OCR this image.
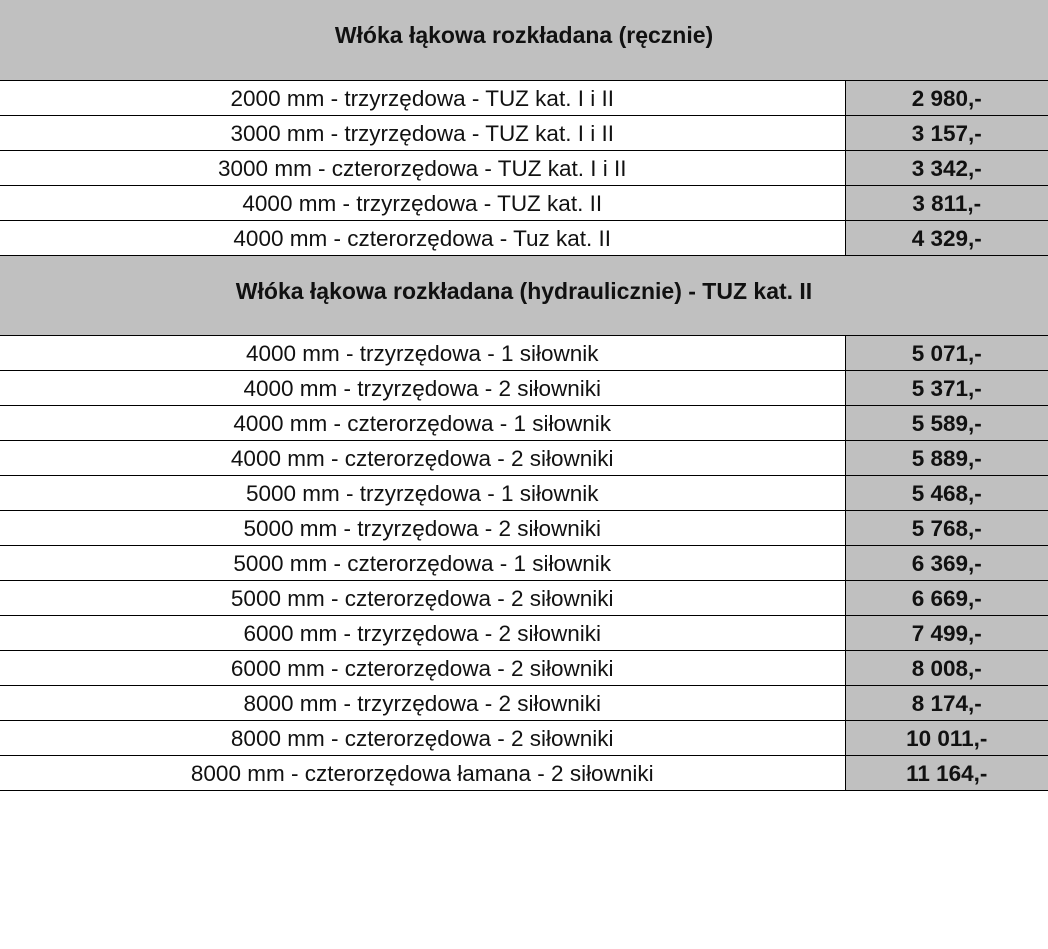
Włóka łąkowa rozkładana (ręcznie)	
2000 mm - trzyrzędowa - TUZ kat. I i II	2 980,-
3000 mm - trzyrzędowa - TUZ kat. I i II	3 157,-
3000 mm - czterorzędowa - TUZ kat. I i II	3 342,-
4000 mm - trzyrzędowa - TUZ kat. II	3 811,-
4000 mm - czterorzędowa - Tuz kat. II	4 329,-
Włóka łąkowa rozkładana (hydraulicznie) - TUZ kat. II	
4000 mm - trzyrzędowa - 1 siłownik	5 071,-
4000 mm - trzyrzędowa - 2 siłowniki	5 371,-
4000 mm - czterorzędowa - 1 siłownik	5 589,-
4000 mm - czterorzędowa - 2 siłowniki	5 889,-
5000 mm - trzyrzędowa - 1 siłownik	5 468,-
5000 mm - trzyrzędowa - 2 siłowniki	5 768,-
5000 mm - czterorzędowa - 1 siłownik	6 369,-
5000 mm - czterorzędowa - 2 siłowniki	6 669,-
6000 mm - trzyrzędowa - 2 siłowniki	7 499,-
6000 mm - czterorzędowa - 2 siłowniki	8 008,-
8000 mm - trzyrzędowa - 2 siłowniki	8 174,-
8000 mm - czterorzędowa - 2 siłowniki	10 011,-
8000 mm - czterorzędowa łamana - 2 siłowniki	11 164,-
